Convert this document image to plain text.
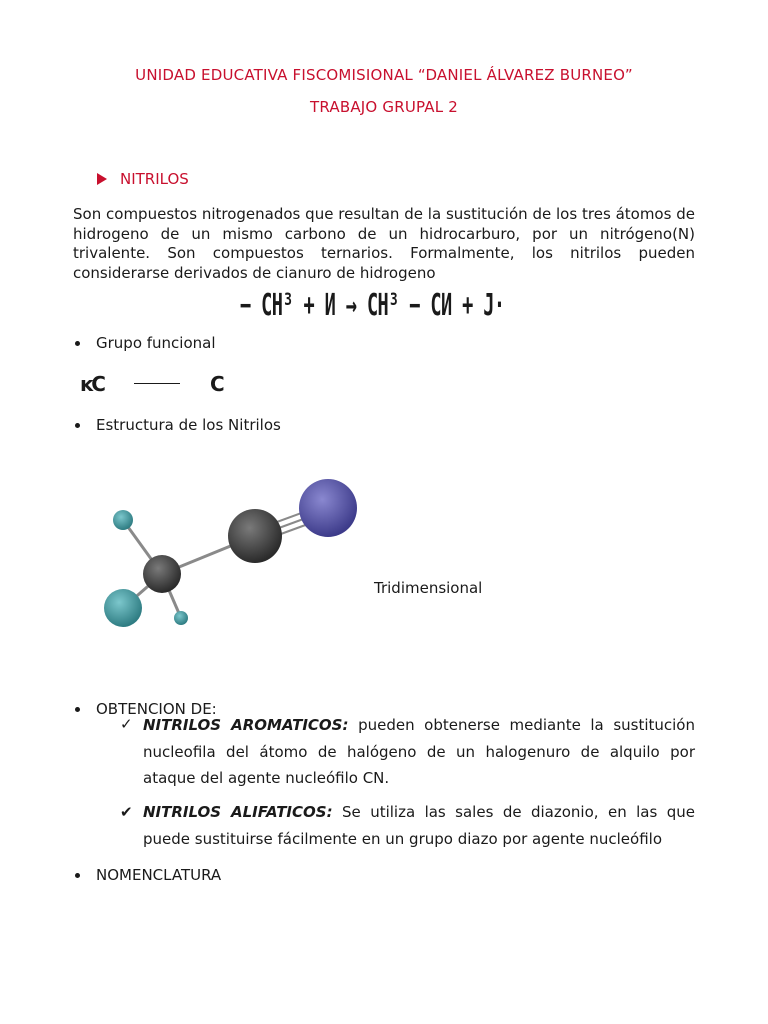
UNIDAD EDUCATIVA FISCOMISIONAL “DANIEL ÁLVAREZ BURNEO”
TRABAJO GRUPAL 2
NITRILOS
Son compuestos nitrogenados que resultan de la sustitución de los tres átomos de hidrogeno de un mismo carbono de un hidrocarburo, por un nitrógeno(N) trivalente. Son compuestos ternarios. Formalmente, los nitrilos pueden considerarse derivados de cianuro de hidrogeno
− CH³ + И → CH³ − CИ + J·
Grupo funcional
ĸC	C
Estructura de los Nitrilos
Tridimensional
OBTENCION DE:
✓ NITRILOS AROMATICOS: pueden obtenerse mediante la sustitución nucleofila del átomo de halógeno de un halogenuro de alquilo por ataque del agente nucleófilo CN.
✔ NITRILOS ALIFATICOS: Se utiliza las sales de diazonio, en las que puede sustituirse fácilmente en un grupo diazo por agente nucleófilo
NOMENCLATURA
